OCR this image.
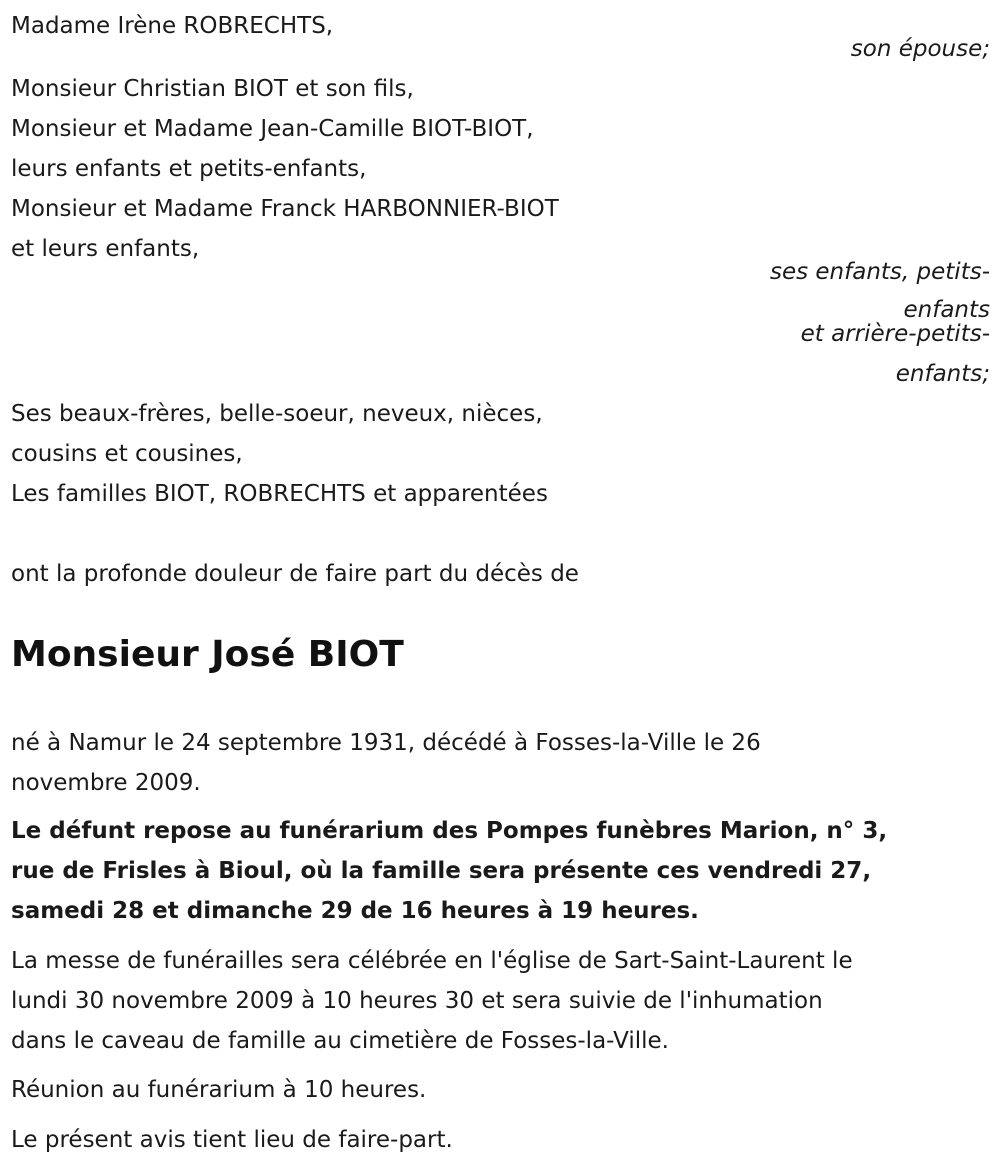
Madame Irène ROBRECHTS,
son épouse;
Monsieur Christian BIOT et son fils,
Monsieur et Madame Jean-Camille BIOT-BIOT,
leurs enfants et petits-enfants,
Monsieur et Madame Franck HARBONNIER-BIOT
et leurs enfants,
ses enfants, petits-
enfants
et arrière-petits-
enfants;
Ses beaux-frères, belle-soeur, neveux, nièces,
cousins et cousines,
Les familles BIOT, ROBRECHTS et apparentées
ont la profonde douleur de faire part du décès de
Monsieur José BIOT
né à Namur le 24 septembre 1931, décédé à Fosses-la-Ville le 26
novembre 2009.
Le défunt repose au funérarium des Pompes funèbres Marion, n° 3,
rue de Frisles à Bioul, où la famille sera présente ces vendredi 27,
samedi 28 et dimanche 29 de 16 heures à 19 heures.
La messe de funérailles sera célébrée en l'église de Sart-Saint-Laurent le
lundi 30 novembre 2009 à 10 heures 30 et sera suivie de l'inhumation
dans le caveau de famille au cimetière de Fosses-la-Ville.
Réunion au funérarium à 10 heures.
Le présent avis tient lieu de faire-part.
